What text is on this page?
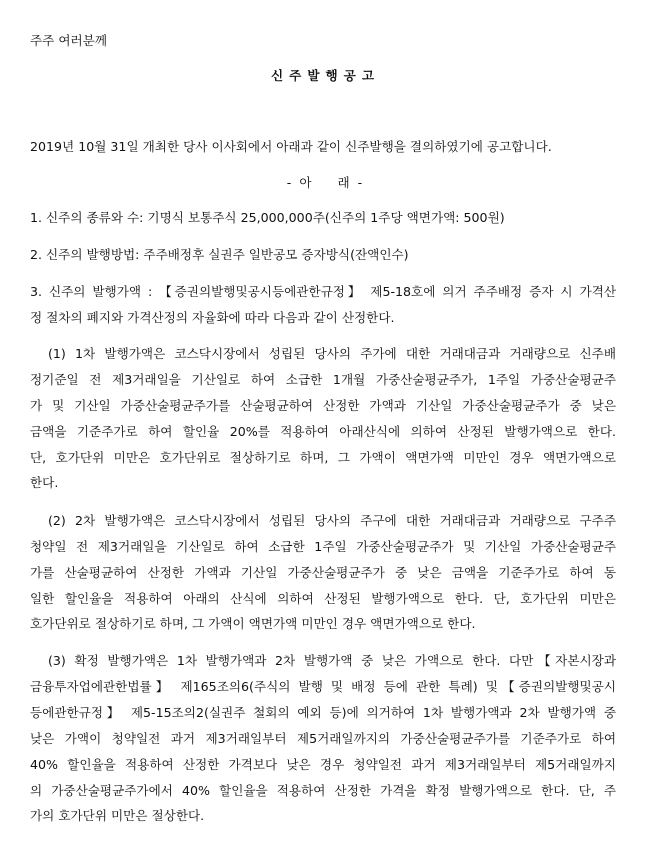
주주 여러분께
신주발행공고
2019년 10월 31일 개최한 당사 이사회에서 아래과 같이 신주발행을 결의하였기에 공고합니다.
- 아    래 -
1. 신주의 종류와 수: 기명식 보통주식 25,000,000주(신주의 1주당 액면가액: 500원)
2. 신주의 발행방법: 주주배정후 실권주 일반공모 증자방식(잔액인수)
3. 신주의 발행가액 : 【증권의발행및공시등에관한규정】 제5-18호에 의거 주주배정 증자 시 가격산
정 절차의 폐지와 가격산정의 자율화에 따라 다음과 같이 산정한다.
(1) 1차 발행가액은 코스닥시장에서 성립된 당사의 주가에 대한 거래대금과 거래량으로 신주배
정기준일 전 제3거래일을 기산일로 하여 소급한 1개월 가중산술평균주가, 1주일 가중산술평균주
가 및 기산일 가중산술평균주가를 산술평균하여 산정한 가액과 기산일 가중산술평균주가 중 낮은
금액을 기준주가로 하여 할인율 20%를 적용하여 아래산식에 의하여 산정된 발행가액으로 한다.
단, 호가단위 미만은 호가단위로 절상하기로 하며, 그 가액이 액면가액 미만인 경우 액면가액으로
한다.
(2) 2차 발행가액은 코스닥시장에서 성립된 당사의 주구에 대한 거래대금과 거래량으로 구주주
청약일 전 제3거래일을 기산일로 하여 소급한 1주일 가중산술평균주가 및 기산일 가중산술평균주
가를 산술평균하여 산정한 가액과 기산일 가중산술평균주가 중 낮은 금액을 기준주가로 하여 동
일한 할인율을 적용하여 아래의 산식에 의하여 산정된 발행가액으로 한다. 단, 호가단위 미만은
호가단위로 절상하기로 하며, 그 가액이 액면가액 미만인 경우 액면가액으로 한다.
(3) 확정 발행가액은 1차 발행가액과 2차 발행가액 중 낮은 가액으로 한다. 다만【자본시장과
금융투자업에관한법률】 제165조의6(주식의 발행 및 배정 등에 관한 특례) 및【증권의발행및공시
등에관한규정】 제5-15조의2(실권주 철회의 예외 등)에 의거하여 1차 발행가액과 2차 발행가액 중
낮은 가액이 청약일전 과거 제3거래일부터 제5거래일까지의 가중산술평균주가를 기준주가로 하여
40% 할인율을 적용하여 산정한 가격보다 낮은 경우 청약일전 과거 제3거래일부터 제5거래일까지
의 가중산술평균주가에서 40% 할인율을 적용하여 산정한 가격을 확정 발행가액으로 한다. 단, 주
가의 호가단위 미만은 절상한다.
